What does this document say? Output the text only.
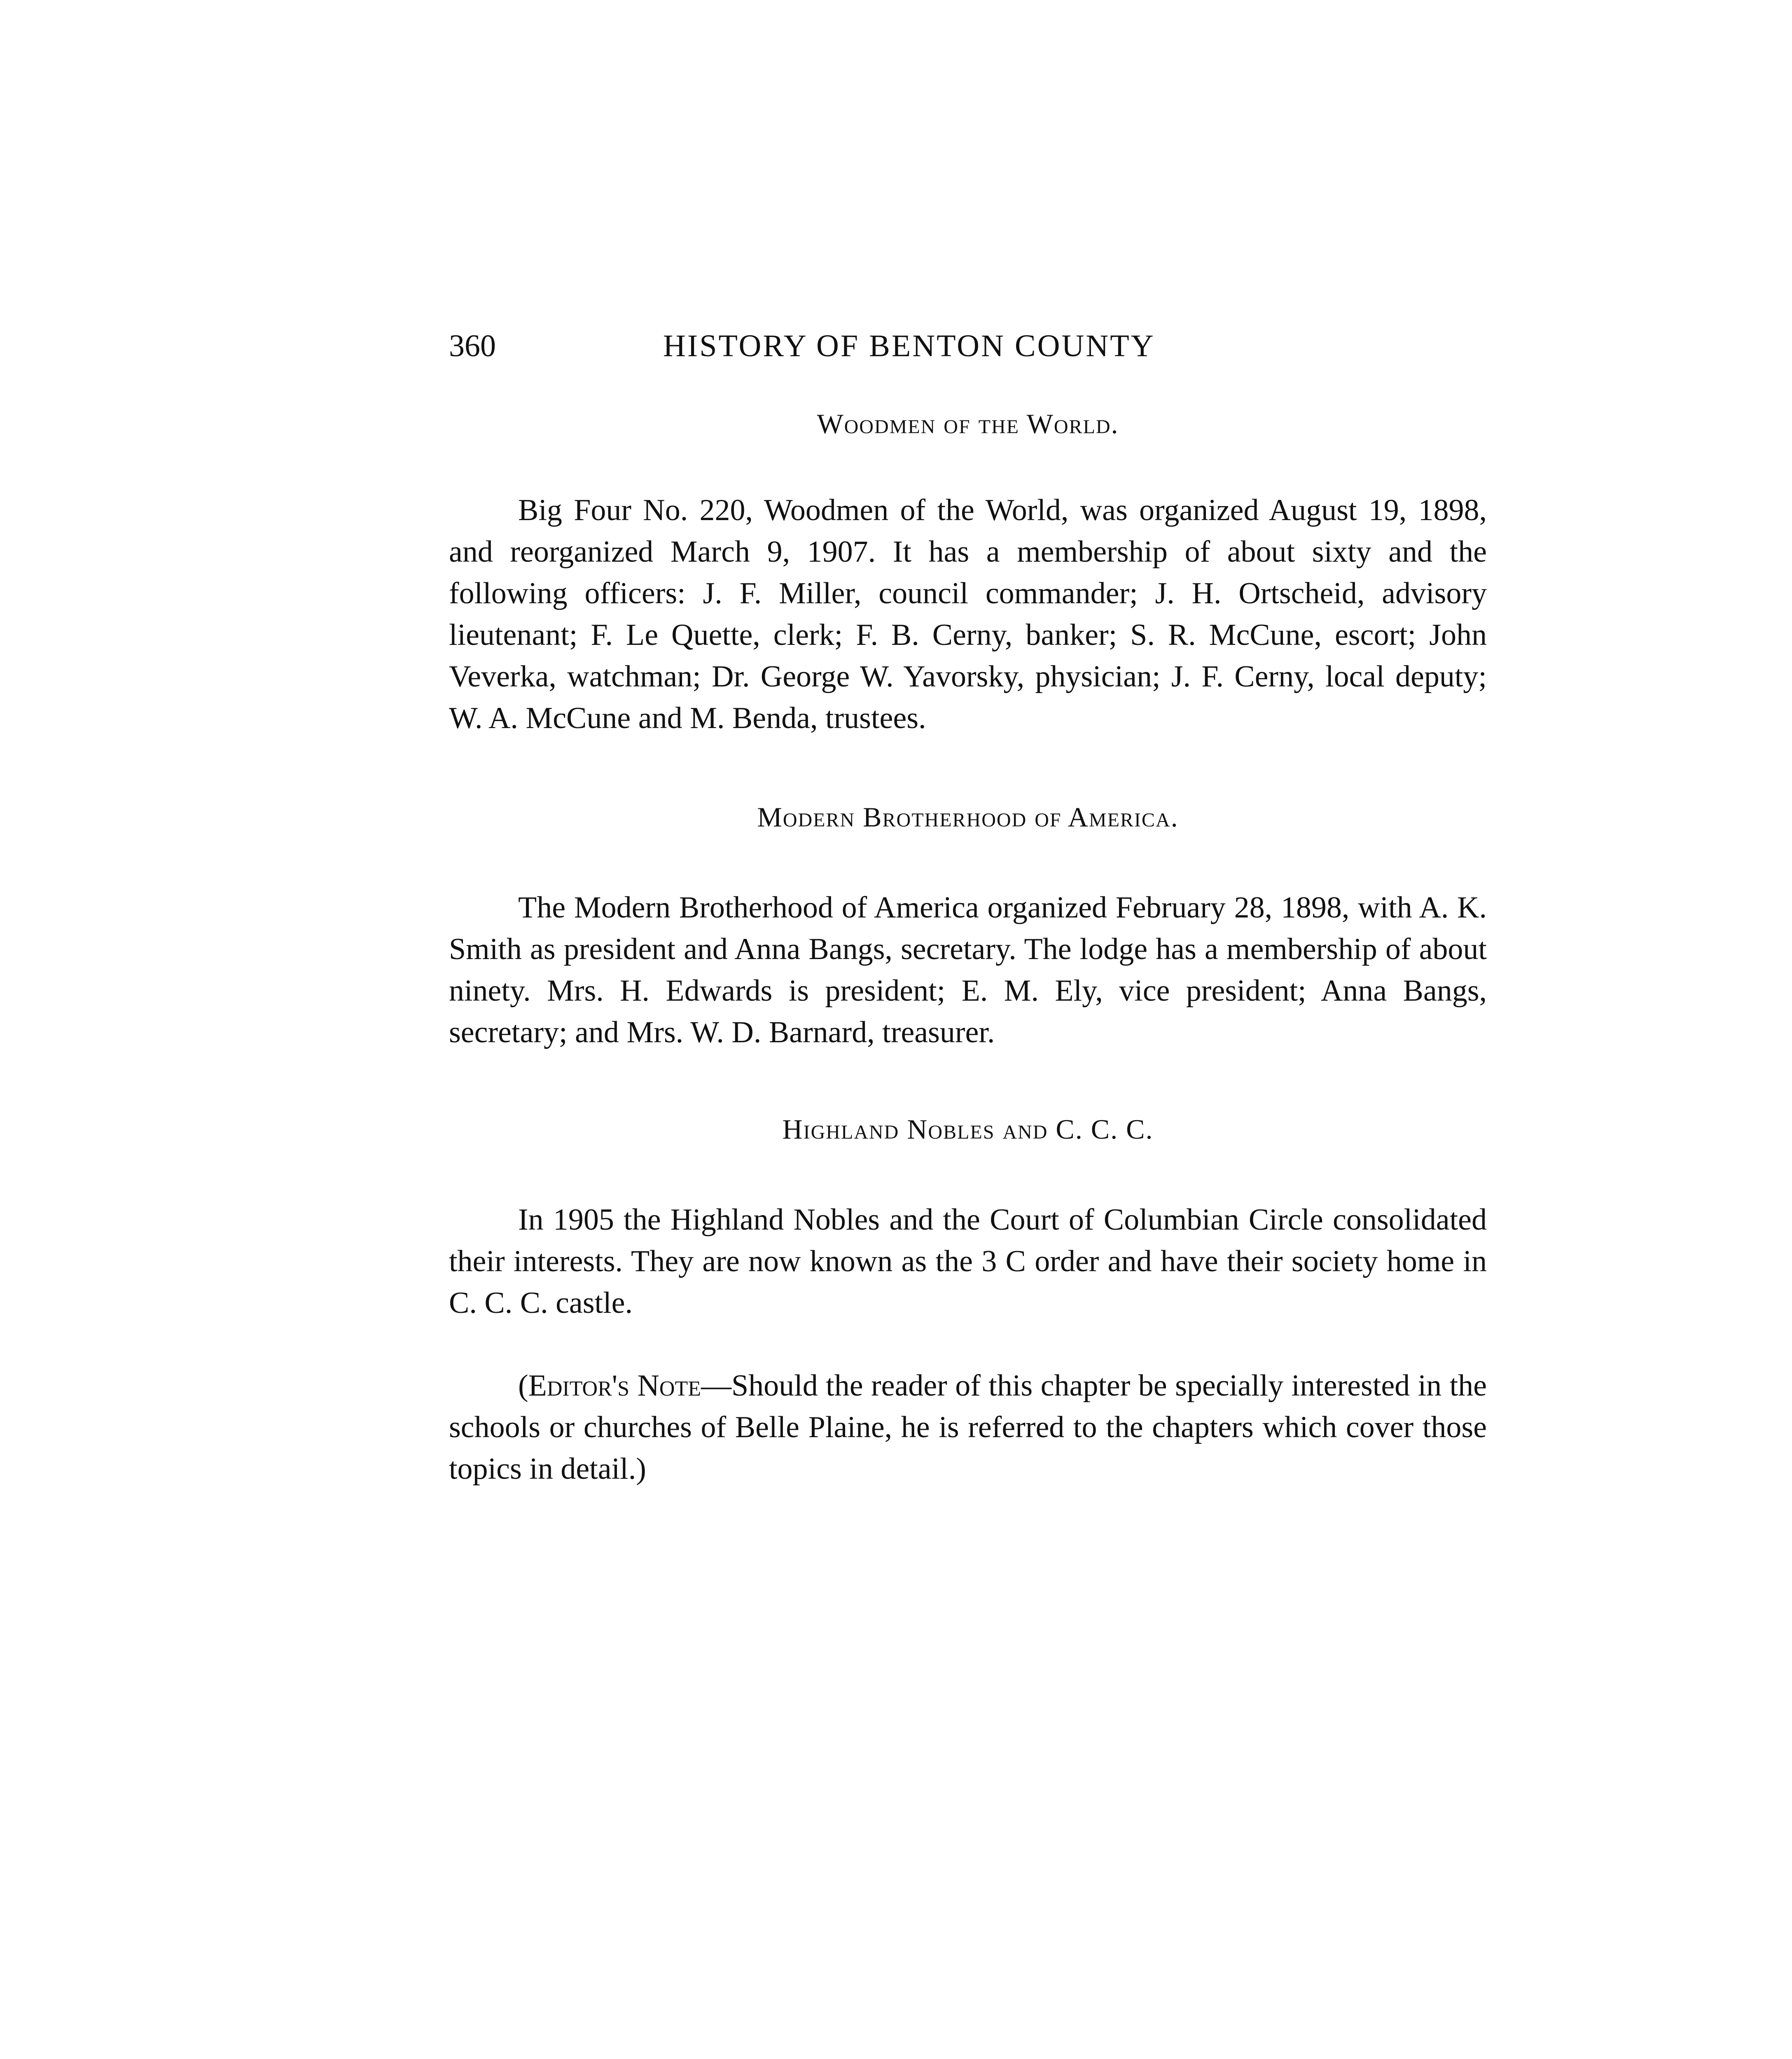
360	HISTORY OF BENTON COUNTY
Woodmen of the World.

Big Four No. 220, Woodmen of the World, was organized August 19, 1898, and reorganized March 9, 1907. It has a membership of about sixty and the following officers: J. F. Miller, council commander; J. H. Ortscheid, advisory lieutenant; F. Le Quette, clerk; F. B. Cerny, banker; S. R. McCune, escort; John Veverka, watchman; Dr. George W. Yavorsky, physician; J. F. Cerny, local deputy; W. A. McCune and M. Benda, trustees.

Modern Brotherhood of America.

The Modern Brotherhood of America organized February 28, 1898, with A. K. Smith as president and Anna Bangs, secretary. The lodge has a membership of about ninety. Mrs. H. Edwards is president; E. M. Ely, vice president; Anna Bangs, secretary; and Mrs. W. D. Barnard, treasurer.

Highland Nobles and C. C. C.

In 1905 the Highland Nobles and the Court of Columbian Circle consolidated their interests. They are now known as the 3 C order and have their society home in C. C. C. castle.

(Editor's Note—Should the reader of this chapter be specially interested in the schools or churches of Belle Plaine, he is referred to the chapters which cover those topics in detail.)
